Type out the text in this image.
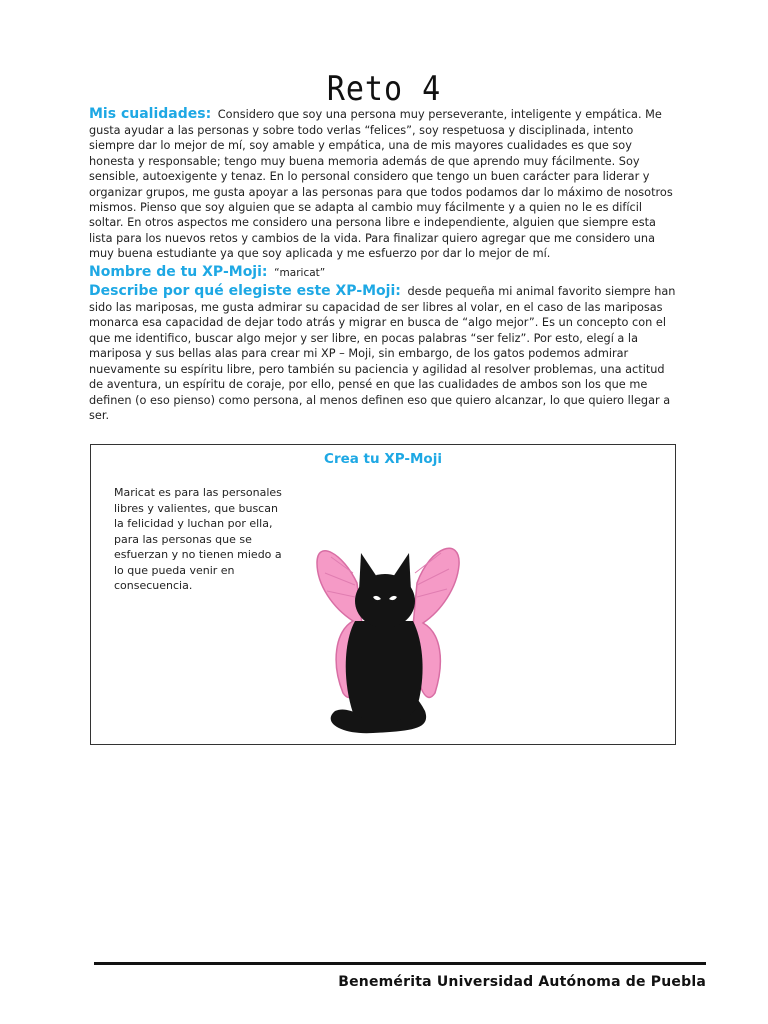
Reto 4

Mis cualidades: Considero que soy una persona muy perseverante, inteligente y empática. Me gusta ayudar a las personas y sobre todo verlas “felices”, soy respetuosa y disciplinada, intento siempre dar lo mejor de mí, soy amable y empática, una de mis mayores cualidades es que soy honesta y responsable; tengo muy buena memoria además de que aprendo muy fácilmente. Soy sensible, autoexigente y tenaz. En lo personal considero que tengo un buen carácter para liderar y organizar grupos, me gusta apoyar a las personas para que todos podamos dar lo máximo de nosotros mismos. Pienso que soy alguien que se adapta al cambio muy fácilmente y a quien no le es difícil soltar. En otros aspectos me considero una persona libre e independiente, alguien que siempre esta lista para los nuevos retos y cambios de la vida. Para finalizar quiero agregar que me considero una muy buena estudiante ya que soy aplicada y me esfuerzo por dar lo mejor de mí.

Nombre de tu XP-Moji: “maricat”

Describe por qué elegiste este XP-Moji: desde pequeña mi animal favorito siempre han sido las mariposas, me gusta admirar su capacidad de ser libres al volar, en el caso de las mariposas monarca esa capacidad de dejar todo atrás y migrar en busca de “algo mejor”. Es un concepto con el que me identifico, buscar algo mejor y ser libre, en pocas palabras “ser feliz”. Por esto, elegí a la mariposa y sus bellas alas para crear mi XP – Moji, sin embargo, de los gatos podemos admirar nuevamente su espíritu libre, pero también su paciencia y agilidad al resolver problemas, una actitud de aventura, un espíritu de coraje, por ello, pensé en que las cualidades de ambos son los que me definen (o eso pienso) como persona, al menos definen eso que quiero alcanzar, lo que quiero llegar a ser.

Crea tu XP-Moji
Maricat es para las personales libres y valientes, que buscan la felicidad y luchan por ella, para las personas que se esfuerzan y no tienen miedo a lo que pueda venir en consecuencia.
Benemérita Universidad Autónoma de Puebla
